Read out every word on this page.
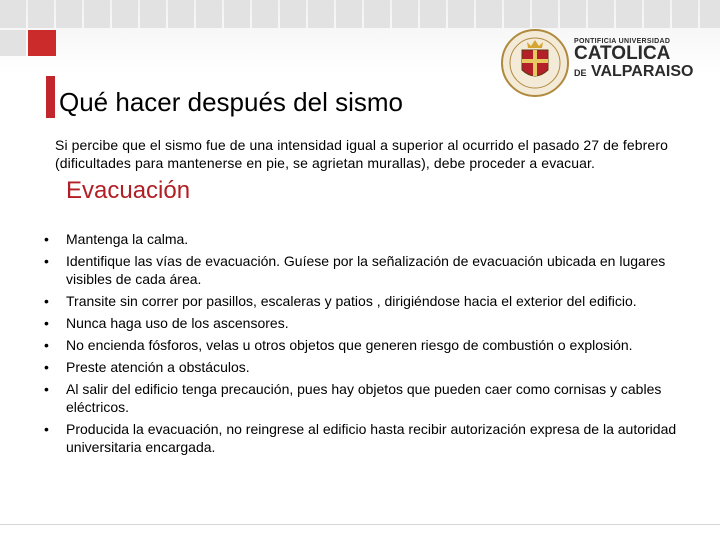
PONTIFICIA UNIVERSIDAD
CATOLICA
DE VALPARAISO
Qué hacer después del sismo
Si percibe que el sismo fue de una intensidad igual a superior al ocurrido el pasado 27 de febrero (dificultades para mantenerse en pie, se agrietan murallas), debe proceder a evacuar.
Evacuación
• Mantenga la calma.
• Identifique las vías de evacuación. Guíese por la señalización de evacuación ubicada en lugares visibles de cada área.
• Transite sin correr por pasillos, escaleras y patios , dirigiéndose hacia el exterior del edificio.
• Nunca haga uso de los ascensores.
• No encienda fósforos, velas u otros objetos que generen riesgo de combustión o explosión.
• Preste atención a obstáculos.
• Al salir del edificio tenga precaución, pues hay objetos que pueden caer como cornisas y cables eléctricos.
• Producida la evacuación, no reingrese al edificio hasta recibir autorización expresa de la autoridad universitaria encargada.
